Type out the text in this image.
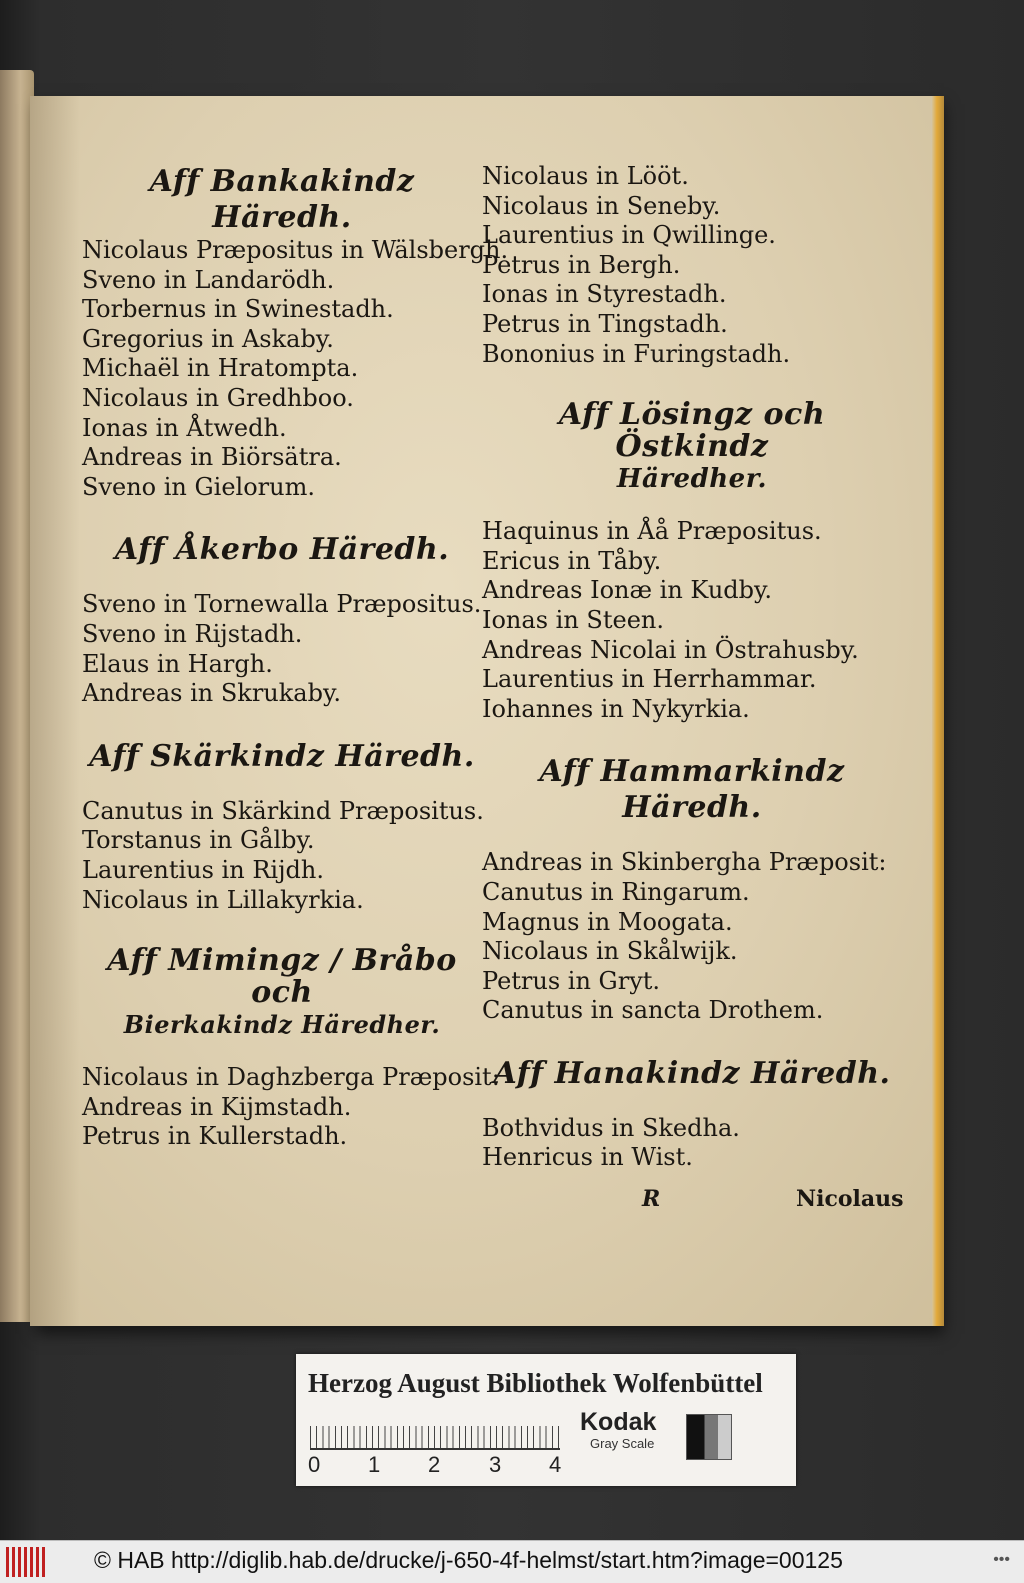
Aff Bankakindz Häredh.

Nicolaus Præpositus in Wälsbergh.

Sveno in Landarödh.

Torbernus in Swinestadh.

Gregorius in Askaby.

Michaël in Hratompta.

Nicolaus in Gredhboo.

Ionas in Åtwedh.

Andreas in Biörsätra.

Sveno in Gielorum.

Aff Åkerbo Häredh.

Sveno in Tornewalla Præpositus.

Sveno in Rijstadh.

Elaus in Hargh.

Andreas in Skrukaby.

Aff Skärkindz Häredh.

Canutus in Skärkind Præpositus.

Torstanus in Gålby.

Laurentius in Rijdh.

Nicolaus in Lillakyrkia.

Aff Mimingz / Bråbo och

Bierkakindz Häredher.

Nicolaus in Daghzberga Præposit:

Andreas in Kijmstadh.

Petrus in Kullerstadh.

Nicolaus in Lööt.

Nicolaus in Seneby.

Laurentius in Qwillinge.

Petrus in Bergh.

Ionas in Styrestadh.

Petrus in Tingstadh.

Bononius in Furingstadh.

Aff Lösingz och Östkindz

Häredher.

Haquinus in Åå Præpositus.

Ericus in Tåby.

Andreas Ionæ in Kudby.

Ionas in Steen.

Andreas Nicolai in Östrahusby.

Laurentius in Herrhammar.

Iohannes in Nykyrkia.

Aff Hammarkindz Häredh.

Andreas in Skinbergha Præposit:

Canutus in Ringarum.

Magnus in Moogata.

Nicolaus in Skålwijk.

Petrus in Gryt.

Canutus in sancta Drothem.

Aff Hanakindz Häredh.

Bothvidus in Skedha.

Henricus in Wist.

R	Nicolaus
Herzog August Bibliothek Wolfenbüttel
0 1 2 3 4
Kodak
Gray Scale
© HAB http://diglib.hab.de/drucke/j-650-4f-helmst/start.htm?image=00125	•••
